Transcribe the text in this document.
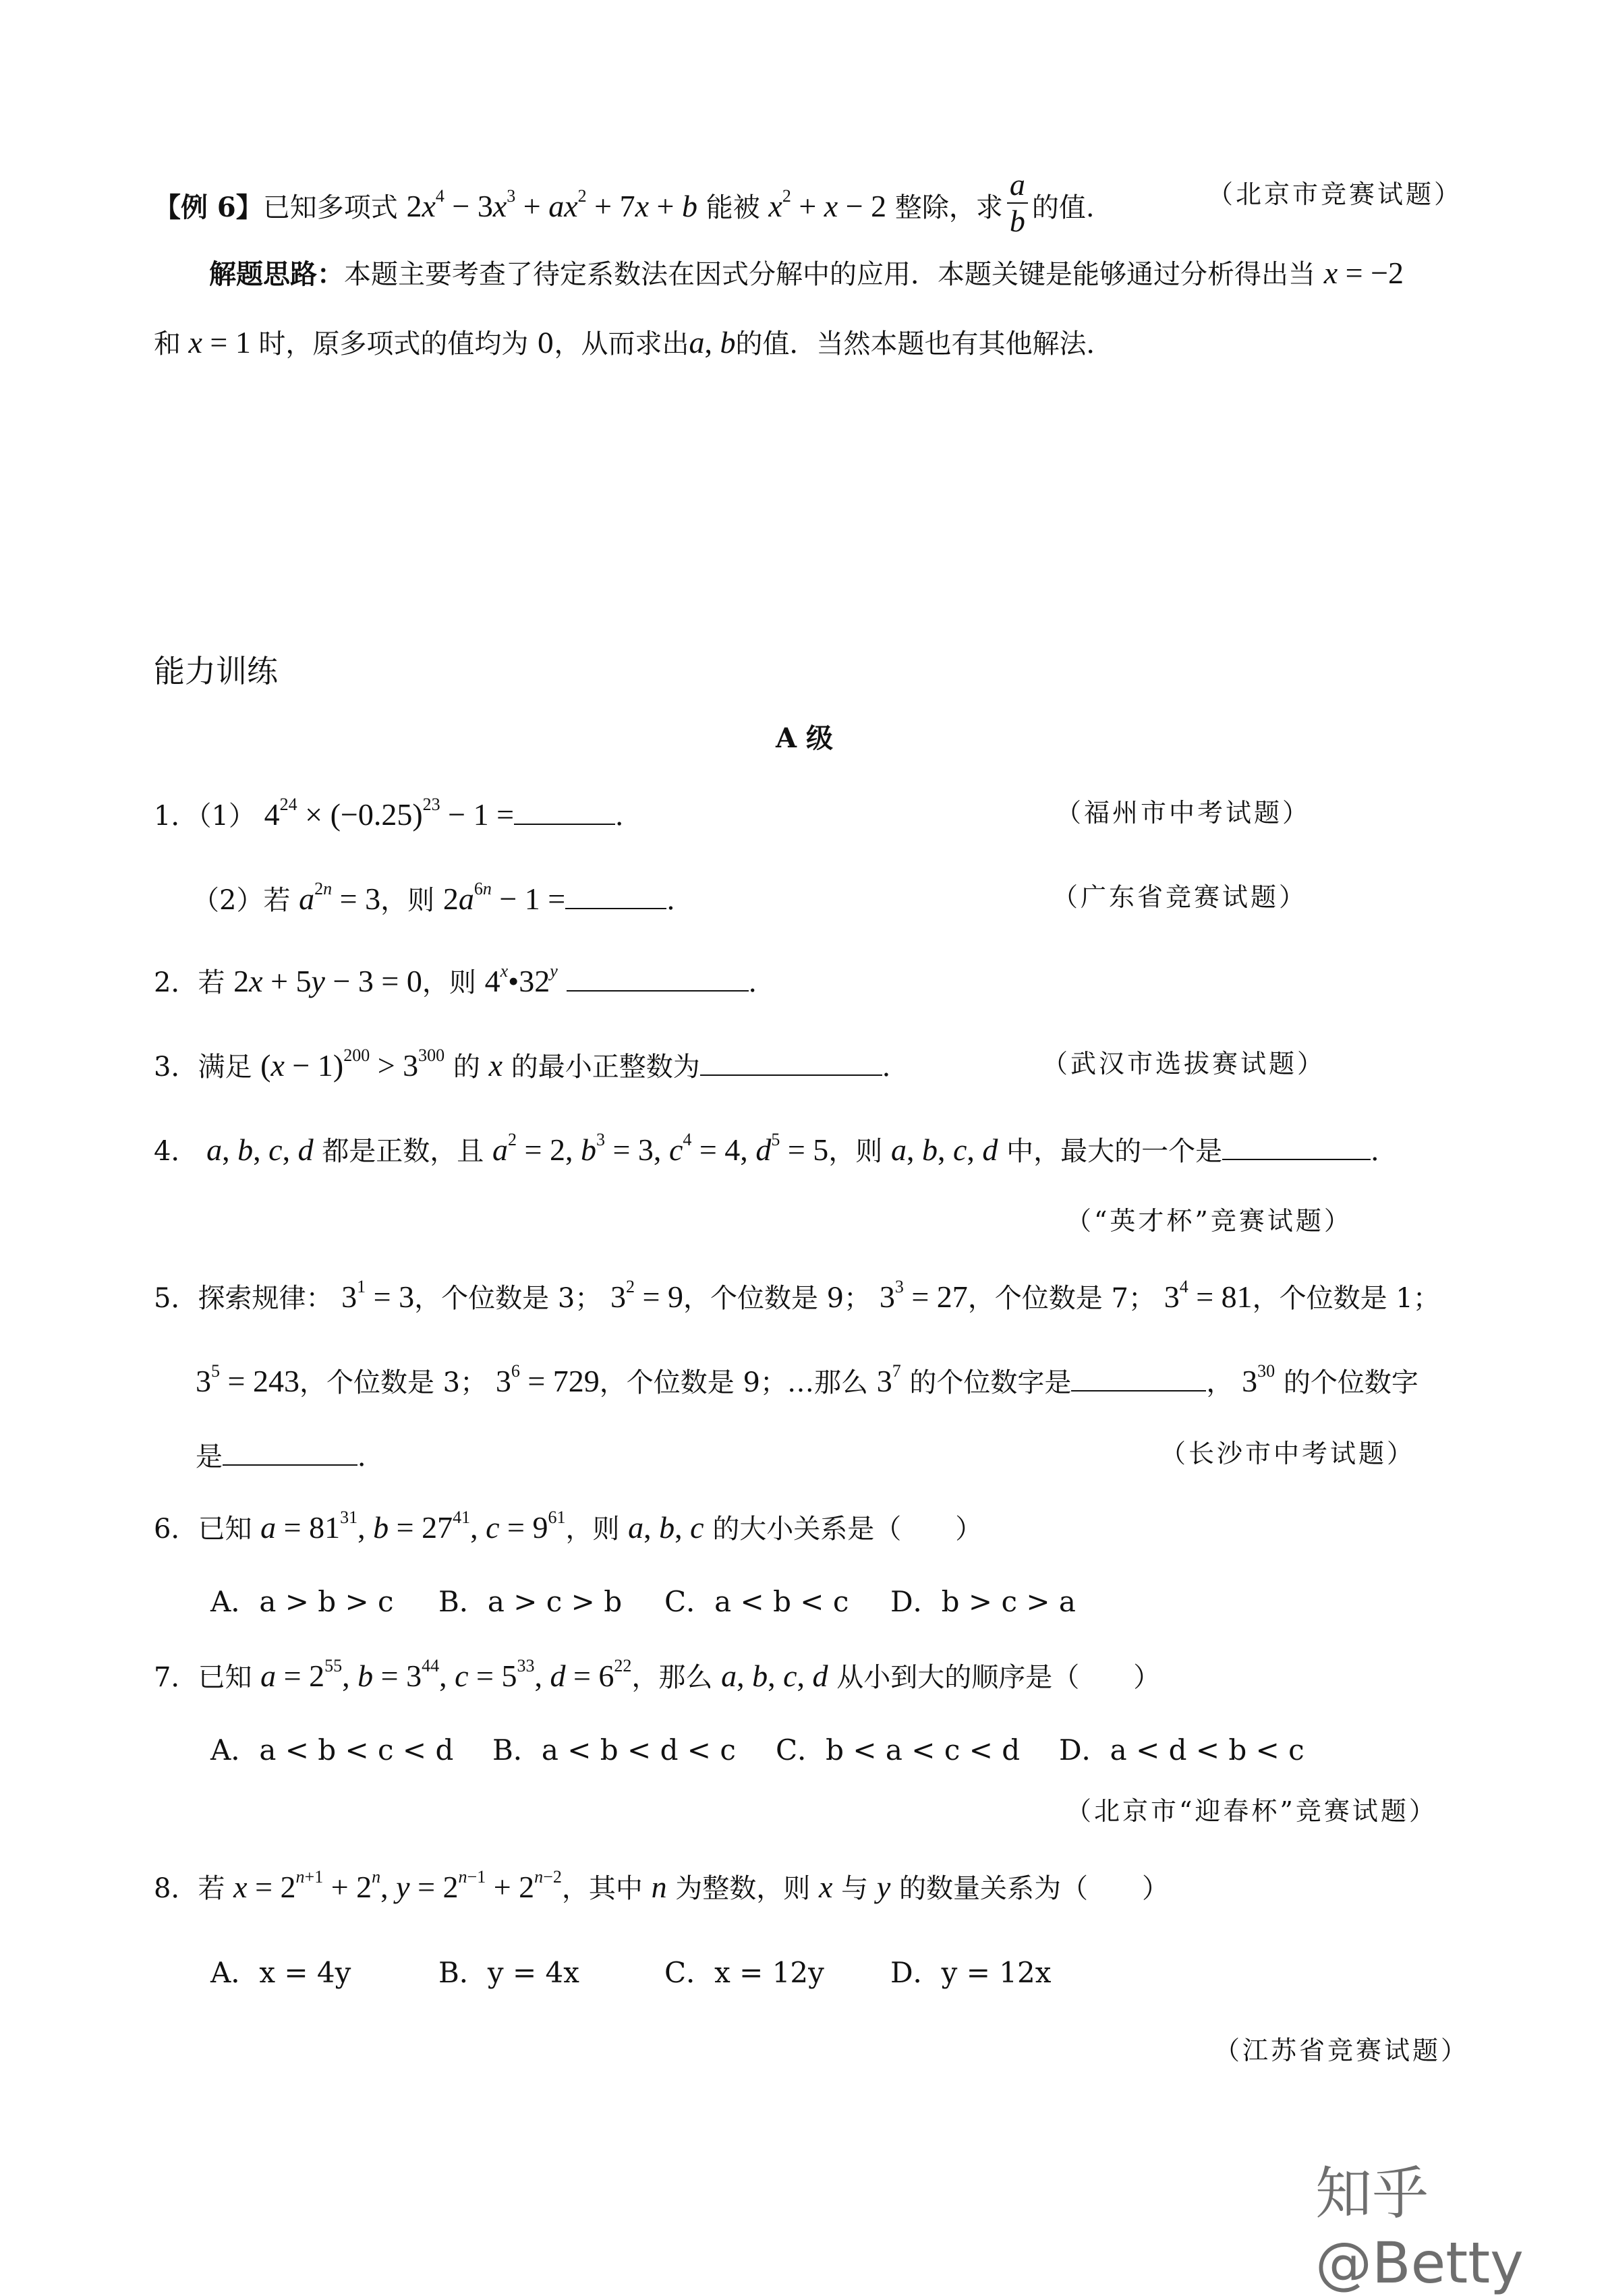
【例 6】已知多项式 $2x^4 - 3x^3 + ax^2 + 7x + b$ 能被 $x^2 + x - 2$ 整除，求 $\frac{a}{b}$ 的值.	（北京市竞赛试题）
解题思路：本题主要考查了待定系数法在因式分解中的应用．本题关键是能够通过分析得出当 x = −2
和 x = 1 时，原多项式的值均为 0，从而求出a, b的值．当然本题也有其他解法．
能力训练
A 级
1．（1） $4^{24} \times (-0.25)^{23} - 1$ =	．	（福州市中考试题）
（2）若 $a^{2n} = 3$，则 $2a^{6n} - 1$ =	．	（广东省竞赛试题）
2．若 2x + 5y − 3 = 0，则 4$^x$•32$^y$	．
3．满足 $(x - 1)^{200} > 3^{300}$ 的 x 的最小正整数为	．	（武汉市选拔赛试题）
4． a, b, c, d 都是正数，且 $a^2 = 2$, $b^3 = 3$, $c^4 = 4$, $d^5 = 5$，则 a, b, c, d 中，最大的一个是	．
（“英才杯”竞赛试题）
5．探索规律： $3^1 = 3$，个位数是 3； $3^2 = 9$，个位数是 9； $3^3 = 27$，个位数是 7； $3^4 = 81$，个位数是 1；
$3^5 = 243$，个位数是 3； $3^6 = 729$，个位数是 9；…那么 $3^7$ 的个位数字是	， $3^{30}$ 的个位数字
是	．	（长沙市中考试题）
6．已知 $a = 81^{31}$, $b = 27^{41}$, $c = 9^{61}$，则 a, b, c 的大小关系是（　　）
A．a > b > c B．a > c > b C．a < b < c D．b > c > a
7．已知 $a = 2^{55}$, $b = 3^{44}$, $c = 5^{33}$, $d = 6^{22}$，那么 a, b, c, d 从小到大的顺序是（　　）
A．a < b < c < d B．a < b < d < c C．b < a < c < d D．a < d < b < c
（北京市“迎春杯”竞赛试题）
8．若 $x = 2^{n+1} + 2^n$, $y = 2^{n-1} + 2^{n-2}$，其中 n 为整数，则 x 与 y 的数量关系为（　　）
A．x = 4y	B．y = 4x	C．x = 12y D．y = 12x
（江苏省竞赛试题）
知乎 @Betty
